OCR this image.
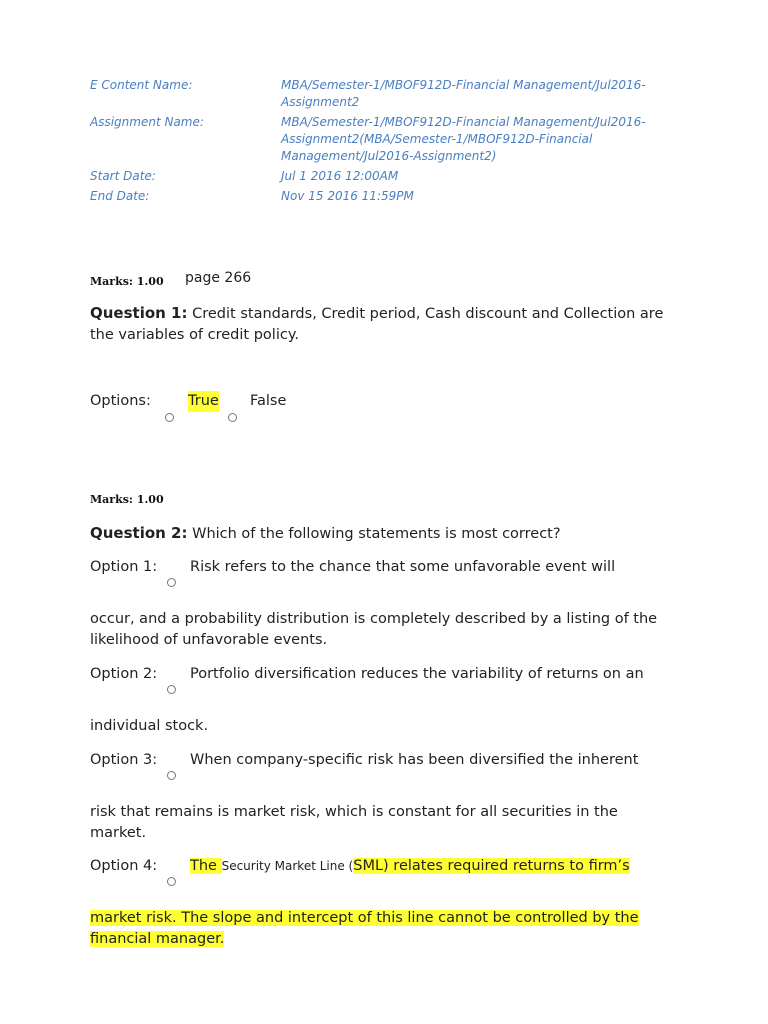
E Content Name:	MBA/Semester-1/MBOF912D-Financial Management/Jul2016-Assignment2
Assignment Name:	MBA/Semester-1/MBOF912D-Financial Management/Jul2016-Assignment2(MBA/Semester-1/MBOF912D-Financial Management/Jul2016-Assignment2)
Start Date:	Jul 1 2016 12:00AM
End Date:	Nov 15 2016 11:59PM
Marks: 1.00 page 266
Question 1: Credit standards, Credit period, Cash discount and Collection are the variables of credit policy.
Options:	True False
Marks: 1.00
Question 2: Which of the following statements is most correct?
Option 1: Risk refers to the chance that some unfavorable event will
occur, and a probability distribution is completely described by a listing of the likelihood of unfavorable events.
Option 2: Portfolio diversification reduces the variability of returns on an
individual stock.
Option 3: When company-specific risk has been diversified the inherent
risk that remains is market risk, which is constant for all securities in the market.
Option 4: The Security Market Line (SML) relates required returns to firm’s
market risk. The slope and intercept of this line cannot be controlled by the financial manager.
